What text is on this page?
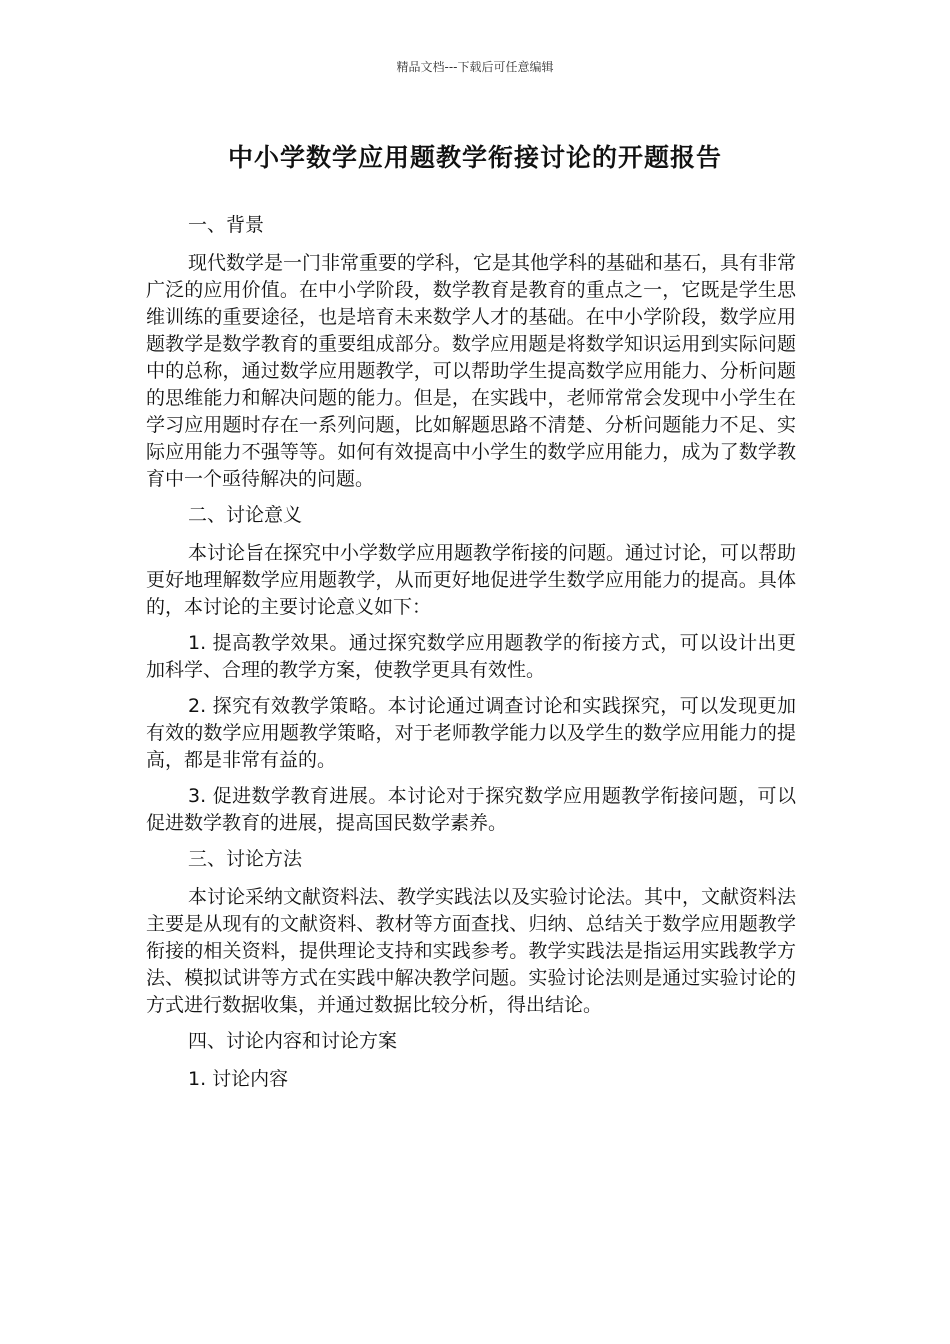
精品文档---下载后可任意编辑
中小学数学应用题教学衔接讨论的开题报告

一、背景

现代数学是一门非常重要的学科，它是其他学科的基础和基石，具有非常广泛的应用价值。在中小学阶段，数学教育是教育的重点之一，它既是学生思维训练的重要途径，也是培育未来数学人才的基础。在中小学阶段，数学应用题教学是数学教育的重要组成部分。数学应用题是将数学知识运用到实际问题中的总称，通过数学应用题教学，可以帮助学生提高数学应用能力、分析问题的思维能力和解决问题的能力。但是，在实践中，老师常常会发现中小学生在学习应用题时存在一系列问题，比如解题思路不清楚、分析问题能力不足、实际应用能力不强等等。如何有效提高中小学生的数学应用能力，成为了数学教育中一个亟待解决的问题。

二、讨论意义

本讨论旨在探究中小学数学应用题教学衔接的问题。通过讨论，可以帮助更好地理解数学应用题教学，从而更好地促进学生数学应用能力的提高。具体的，本讨论的主要讨论意义如下：

1. 提高教学效果。通过探究数学应用题教学的衔接方式，可以设计出更加科学、合理的教学方案，使教学更具有效性。

2. 探究有效教学策略。本讨论通过调查讨论和实践探究，可以发现更加有效的数学应用题教学策略，对于老师教学能力以及学生的数学应用能力的提高，都是非常有益的。

3. 促进数学教育进展。本讨论对于探究数学应用题教学衔接问题，可以促进数学教育的进展，提高国民数学素养。

三、讨论方法

本讨论采纳文献资料法、教学实践法以及实验讨论法。其中，文献资料法主要是从现有的文献资料、教材等方面查找、归纳、总结关于数学应用题教学衔接的相关资料，提供理论支持和实践参考。教学实践法是指运用实践教学方法、模拟试讲等方式在实践中解决教学问题。实验讨论法则是通过实验讨论的方式进行数据收集，并通过数据比较分析，得出结论。

四、讨论内容和讨论方案

1. 讨论内容
